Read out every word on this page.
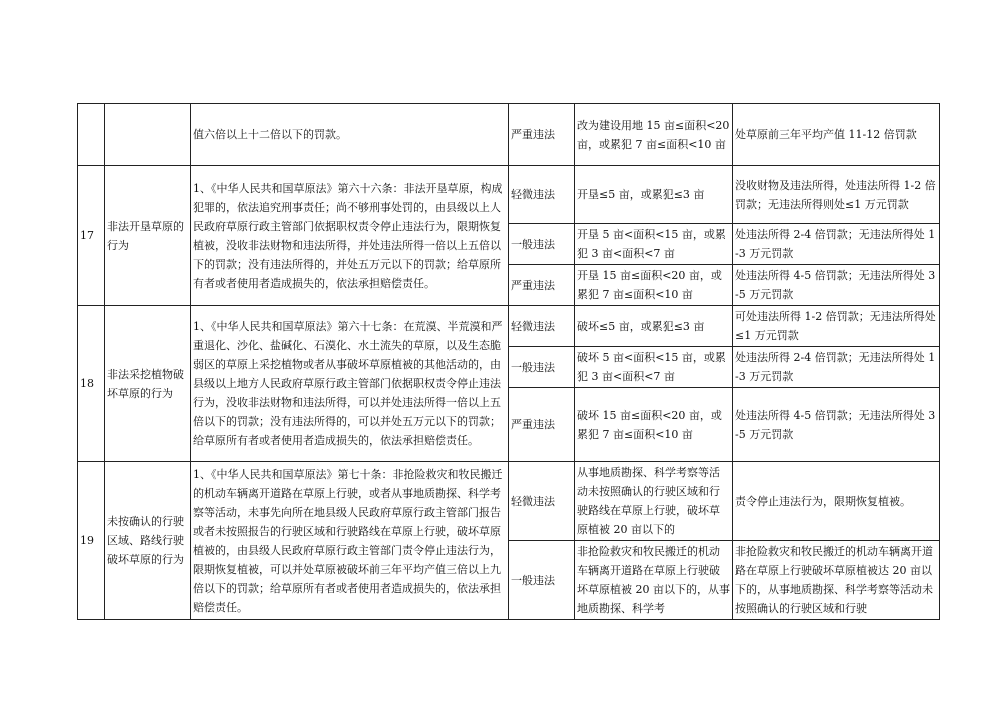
		值六倍以上十二倍以下的罚款。	严重违法	改为建设用地 15 亩≤面积<20 亩，或累犯 7 亩≤面积<10 亩	处草原前三年平均产值 11-12 倍罚款
17	非法开垦草原的行为	1、《中华人民共和国草原法》第六十六条：非法开垦草原，构成犯罪的，依法追究刑事责任；尚不够刑事处罚的，由县级以上人民政府草原行政主管部门依据职权责令停止违法行为，限期恢复植被，没收非法财物和违法所得，并处违法所得一倍以上五倍以下的罚款；没有违法所得的，并处五万元以下的罚款；给草原所有者或者使用者造成损失的，依法承担赔偿责任。	轻微违法	开垦≤5 亩，或累犯≤3 亩	没收财物及违法所得，处违法所得 1-2 倍罚款；无违法所得则处≤1 万元罚款
			一般违法	开垦 5 亩<面积<15 亩，或累犯 3 亩<面积<7 亩	处违法所得 2-4 倍罚款；无违法所得处 1-3 万元罚款
			严重违法	开垦 15 亩≤面积<20 亩，或累犯 7 亩≤面积<10 亩	处违法所得 4-5 倍罚款；无违法所得处 3-5 万元罚款
18	非法采挖植物破坏草原的行为	1、《中华人民共和国草原法》第六十七条：在荒漠、半荒漠和严重退化、沙化、盐碱化、石漠化、水土流失的草原，以及生态脆弱区的草原上采挖植物或者从事破坏草原植被的其他活动的，由县级以上地方人民政府草原行政主管部门依据职权责令停止违法行为，没收非法财物和违法所得，可以并处违法所得一倍以上五倍以下的罚款；没有违法所得的，可以并处五万元以下的罚款；给草原所有者或者使用者造成损失的，依法承担赔偿责任。	轻微违法	破坏≤5 亩，或累犯≤3 亩	可处违法所得 1-2 倍罚款；无违法所得处≤1 万元罚款
			一般违法	破坏 5 亩<面积<15 亩，或累犯 3 亩<面积<7 亩	处违法所得 2-4 倍罚款；无违法所得处 1-3 万元罚款
			严重违法	破坏 15 亩≤面积<20 亩，或累犯 7 亩≤面积<10 亩	处违法所得 4-5 倍罚款；无违法所得处 3-5 万元罚款
19	未按确认的行驶区域、路线行驶破坏草原的行为	1、《中华人民共和国草原法》第七十条：非抢险救灾和牧民搬迁的机动车辆离开道路在草原上行驶，或者从事地质勘探、科学考察等活动，未事先向所在地县级人民政府草原行政主管部门报告或者未按照报告的行驶区域和行驶路线在草原上行驶，破坏草原植被的，由县级人民政府草原行政主管部门责令停止违法行为，限期恢复植被，可以并处草原被破坏前三年平均产值三倍以上九倍以下的罚款；给草原所有者或者使用者造成损失的，依法承担赔偿责任。	轻微违法	从事地质勘探、科学考察等活动未按照确认的行驶区域和行驶路线在草原上行驶，破坏草原植被 20 亩以下的	责令停止违法行为，限期恢复植被。
			一般违法	非抢险救灾和牧民搬迁的机动车辆离开道路在草原上行驶破坏草原植被 20 亩以下的，从事地质勘探、科学考	非抢险救灾和牧民搬迁的机动车辆离开道路在草原上行驶破坏草原植被达 20 亩以下的，从事地质勘探、科学考察等活动未按照确认的行驶区域和行驶
